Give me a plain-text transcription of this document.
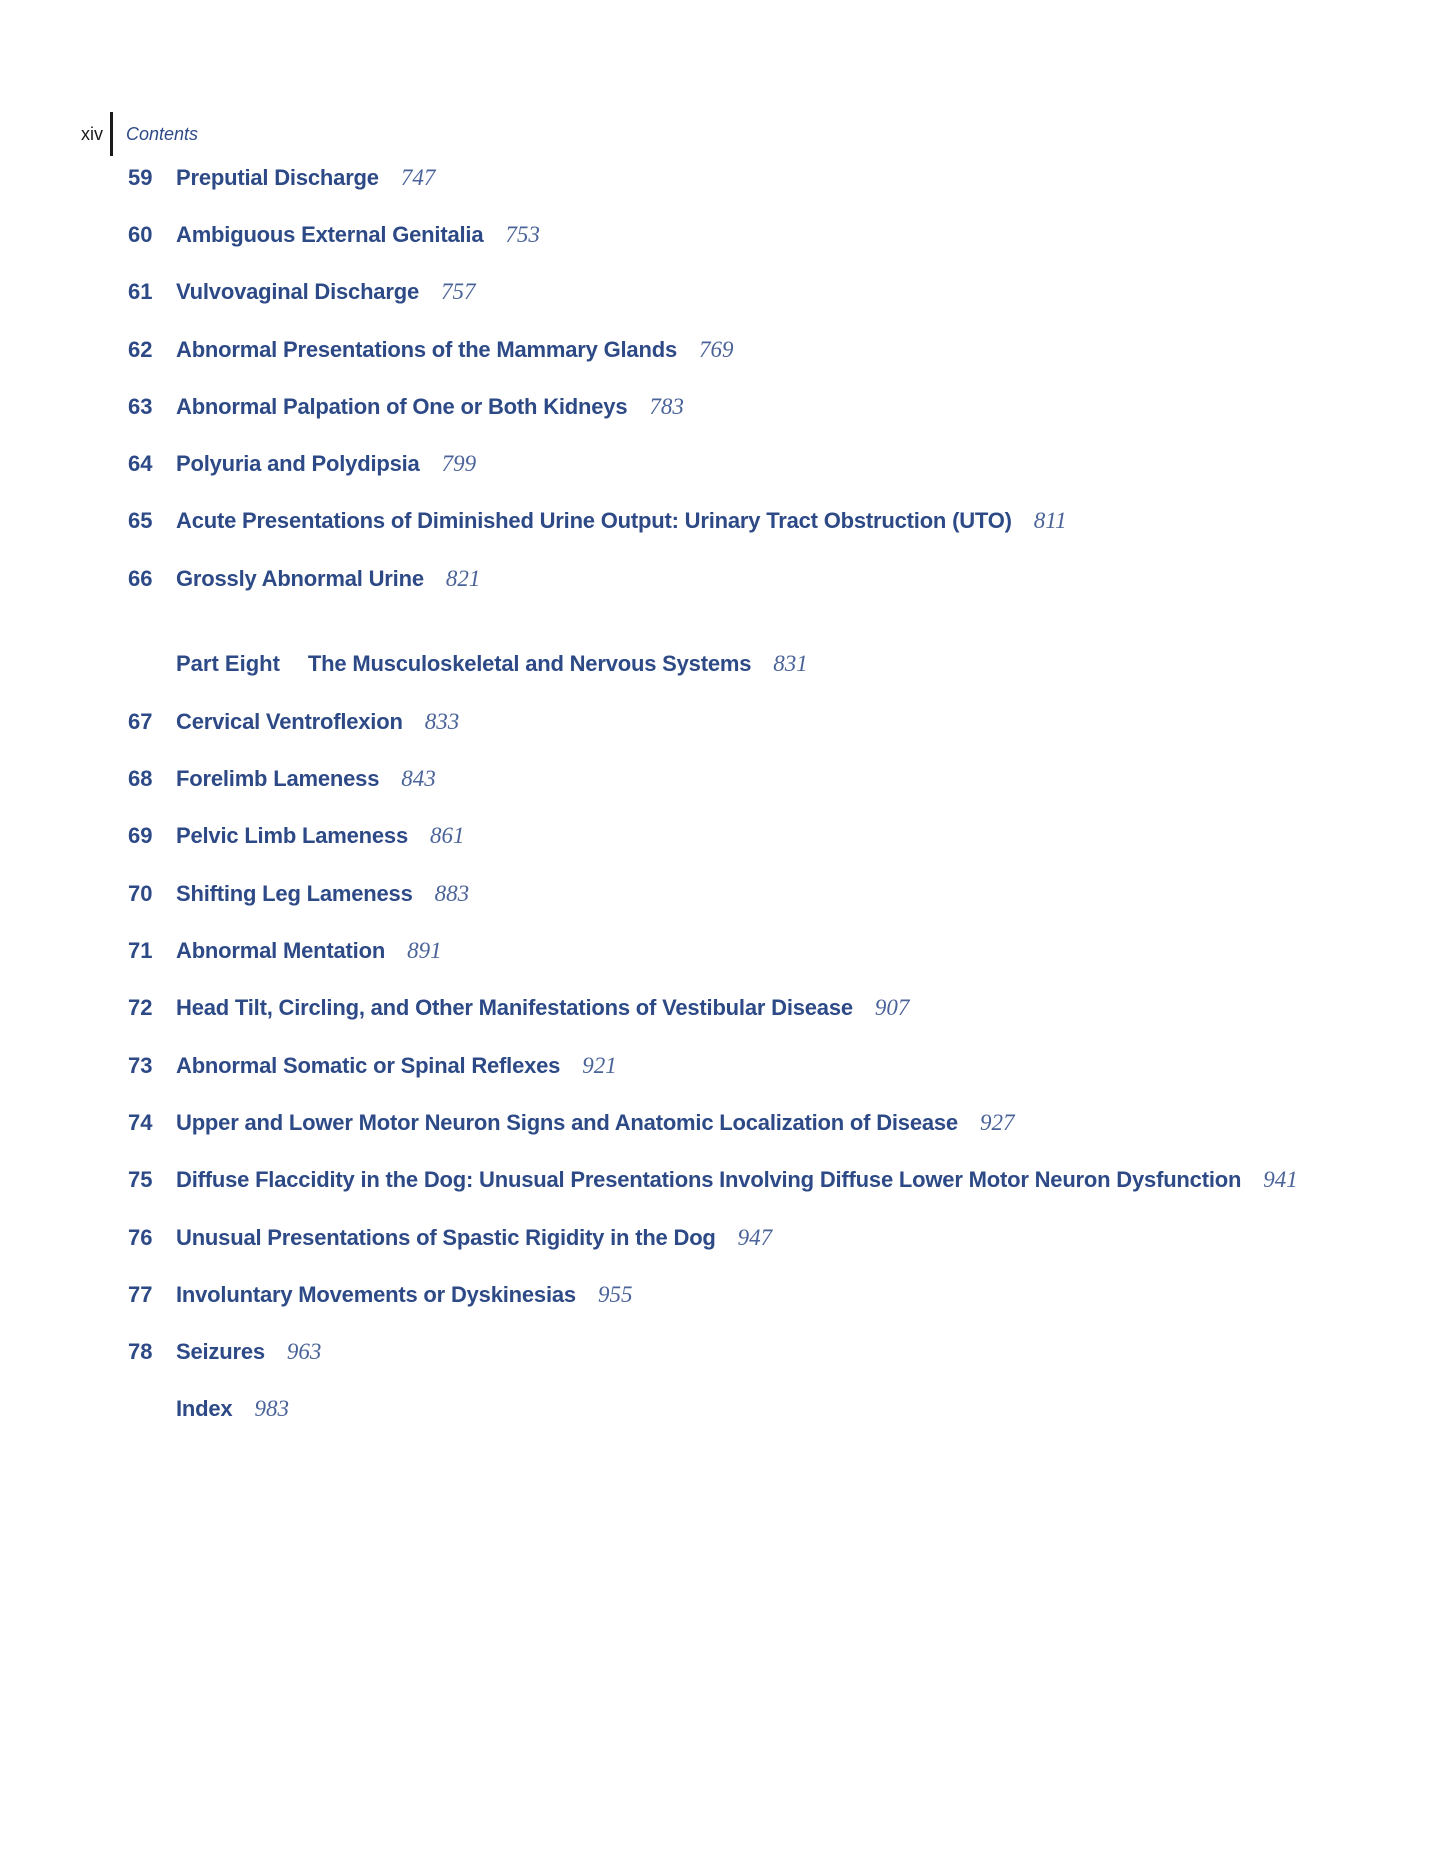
xiv Contents
59 Preputial Discharge 747
60 Ambiguous External Genitalia 753
61 Vulvovaginal Discharge 757
62 Abnormal Presentations of the Mammary Glands 769
63 Abnormal Palpation of One or Both Kidneys 783
64 Polyuria and Polydipsia 799
65 Acute Presentations of Diminished Urine Output: Urinary Tract Obstruction (UTO) 811
66 Grossly Abnormal Urine 821
Part Eight The Musculoskeletal and Nervous Systems 831
67 Cervical Ventroflexion 833
68 Forelimb Lameness 843
69 Pelvic Limb Lameness 861
70 Shifting Leg Lameness 883
71 Abnormal Mentation 891
72 Head Tilt, Circling, and Other Manifestations of Vestibular Disease 907
73 Abnormal Somatic or Spinal Reflexes 921
74 Upper and Lower Motor Neuron Signs and Anatomic Localization of Disease 927
75 Diffuse Flaccidity in the Dog: Unusual Presentations Involving Diffuse Lower Motor Neuron Dysfunction 941
76 Unusual Presentations of Spastic Rigidity in the Dog 947
77 Involuntary Movements or Dyskinesias 955
78 Seizures 963
Index 983
